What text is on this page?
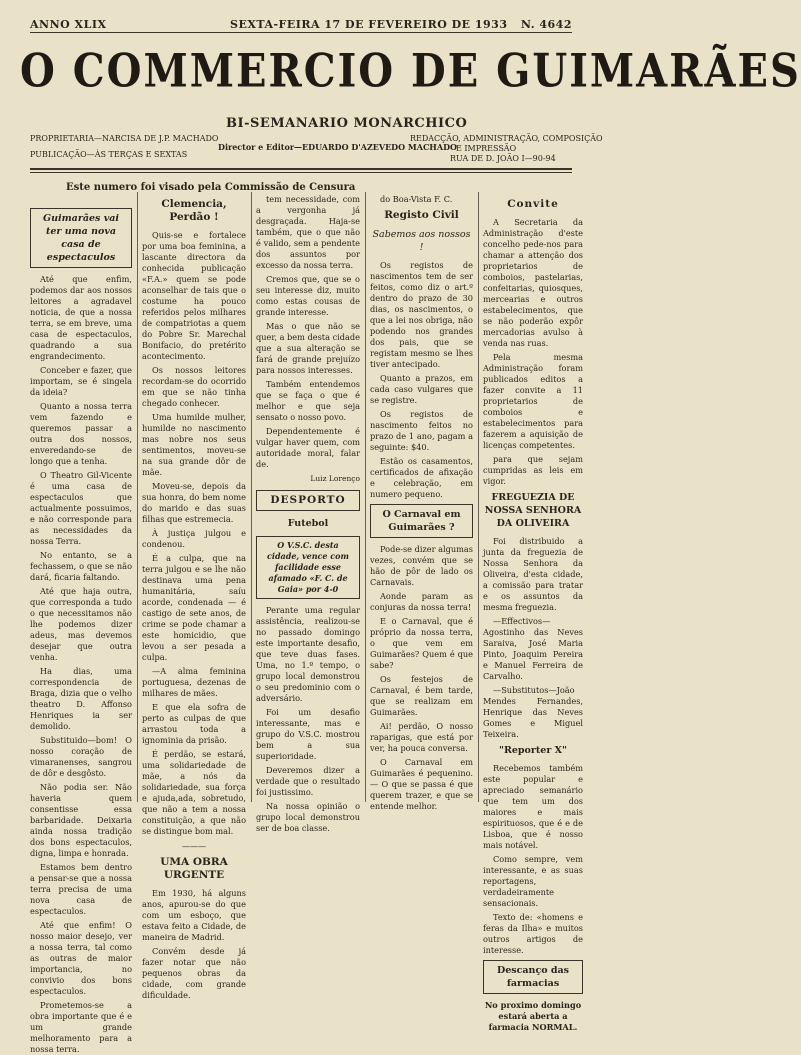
ANNO XLIX	SEXTA-FEIRA 17 DE FEVEREIRO DE 1933 N. 4642
O COMMERCIO DE GUIMARÃES
BI-SEMANARIO MONARCHICO
PROPRIETARIA—NARCISA DE J.P. MACHADO
PUBLICAÇÃO—ÀS TERÇAS E SEXTAS
Director e Editor—EDUARDO D'AZEVEDO MACHADO
REDACÇÃO, ADMINISTRAÇÃO, COMPOSIÇÃO
E IMPRESSÃO
RUA DE D. JOÃO I—90-94
Este numero foi visado pela Commissão de Censura
Guimarães vai ter uma nova casa de espectaculos

Até que enfim, podemos dar aos nossos leitores a agradavel noticia, de que a nossa terra, se em breve, uma casa de espectaculos, quadrando a sua engrandecimento.

Conceber e fazer, que importam, se é singela da ideia?

Quanto a nossa terra vem fazendo e queremos passar a outra dos nossos, enveredando-se de longo que a tenha.

O Theatro Gil-Vicente é uma casa de espectaculos que actualmente possuimos, e não corresponde para as necessidades da nossa Terra.

No entanto, se a fechassem, o que se não dará, ficaria faltando.

Até que haja outra, que corresponda a tudo o que necessitamos não lhe podemos dizer adeus, mas devemos desejar que outra venha.

Ha dias, uma correspondencia de Braga, dizia que o velho theatro D. Affonso Henriques ia ser demolido.

Substituido—bom! O nosso coração de vimaranenses, sangrou de dôr e desgôsto.

Não podia ser. Não haveria quem consentisse essa barbaridade. Deixaria ainda nossa tradição dos bons espectaculos, digna, limpa e honrada.

Estamos bem dentro a pensar-se que a nossa terra precisa de uma nova casa de espectaculos.

Até que enfim! O nosso maior desejo, ver a nossa terra, tal como as outras de maior importancia, no convivio dos bons espectaculos.

Prometemos-se a obra importante que é e um grande melhoramento para a nossa terra.

Clemencia, Perdão !

Quis-se e fortalece por uma boa feminina, a lascante directora da conhecida publicação «F.A.» quem se pode aconselhar de tais que o costume ha pouco referidos pelos milhares de compatriotas a quem do Pobre Sr. Marechal Bonifacio, do pretérito acontecimento.

Os nossos leitores recordam-se do ocorrido em que se não tinha chegado conhecer.

Uma humilde mulher, humilde no nascimento mas nobre nos seus sentimentos, moveu-se na sua grande dôr de mãe.

Moveu-se, depois da sua honra, do bem nome do marido e das suas filhas que estremecia.

À justiça julgou e condenou.

É a culpa, que na terra julgou e se lhe não destinava uma pena humanitária, saíu acorde, condenada — é castigo de sete anos, de crime se pode chamar a este homicidio, que levou a ser pesada a culpa.

—A alma feminina portuguesa, dezenas de milhares de mães.

E que ela sofra de perto as culpas de que arrastou toda a ignominia da prisão.

É perdão, se estará, uma solidariedade de mãe, a nós da solidariedade, sua força e ajuda,ada, sobretudo, que não a tem a nossa constituição, a que não se distingue bom mal.

———
UMA OBRA URGENTE

Em 1930, há alguns anos, apurou-se do que com um esboço, que estava feito a Cidade, de maneira de Madrid.

Convém desde já fazer notar que não pequenos obras da cidade, com grande dificuldade.

tem necessidade, com a vergonha já desgraçada. Haja-se também, que o que não é valido, sem a pendente dos assuntos por excesso da nossa terra.

Cremos que, que se o seu interesse diz, muito como estas cousas de grande interesse.

Mas o que não se quer, a bem desta cidade que a sua alteração se fará de grande prejuízo para nossos interesses.

Também entendemos que se faça o que é melhor e que seja sensato o nosso povo.

Dependentemente é vulgar haver quem, com autoridade moral, falar de.

Luiz Lorenço
DESPORTO
Futebol
O V.S.C. desta cidade, vence com facilidade esse afamado «F. C. de Gaia» por 4-0

Perante uma regular assistência, realizou-se no passado domingo este importante desafio, que teve duas fases. Uma, no 1.º tempo, o grupo local demonstrou o seu predominio com o adversário.

Foi um desafio interessante, mas e grupo do V.S.C. mostrou bem a sua superioridade.

Deveremos dizer a verdade que o resultado foi justissimo.

Na nossa opinião o grupo local demonstrou ser de boa classe.

do Boa-Vista F. C.

Registo Civil
Sabemos aos nossos !

Os registos de nascimentos tem de ser feitos, como diz o art.º dentro do prazo de 30 dias, os nascimentos, o que a lei nos obriga, não podendo nos grandes dos pais, que se registam mesmo se lhes tiver antecipado.

Quanto a prazos, em cada caso vulgares que se registre.

Os registos de nascimento feitos no prazo de 1 ano, pagam a seguinte: $40.

Estão os casamentos, certificados de afixação e celebração, em numero pequeno.

O Carnaval em Guimarães ?

Pode-se dizer algumas vezes, convém que se hão de pôr de lado os Carnavais.

Aonde param as conjuras da nossa terra!

E o Carnaval, que é próprio da nossa terra, o que vem em Guimarães? Quem é que sabe?

Os festejos de Carnaval, é bem tarde, que se realizam em Guimarães.

Ai! perdão, O nosso raparigas, que está por ver, ha pouca conversa.

O Carnaval em Guimarães é pequenino. — O que se passa é que querem trazer, e que se entende melhor.

Convite

A Secretaria da Administração d'este concelho pede-nos para chamar a attenção dos proprietarios de comboios, pastelarias, confeitarias, quiosques, mercearias e outros estabelecimentos, que se não poderão expôr mercadorias avulso à venda nas ruas.

Pela mesma Administração foram publicados editos a fazer convite a 11 proprietarios de comboios e estabelecimentos para fazerem a aquisição de licenças competentes.

para que sejam cumpridas as leis em vigor.

FREGUEZIA DE NOSSA SENHORA DA OLIVEIRA

Foi distribuido a junta da freguezia de Nossa Senhora da Oliveira, d'esta cidade, a comissão para tratar e os assuntos da mesma freguezia.

—Effectivos—Agostinho das Neves Saraiva, José Maria Pinto, Joaquim Pereira e Manuel Ferreira de Carvalho.

—Substitutos—João Mendes Fernandes, Henrique das Neves Gomes e Miguel Teixeira.

"Reporter X"

Recebemos também este popular e apreciado semanário que tem um dos maiores e mais espirituosos, que é e de Lisboa, que é nosso mais notável.

Como sempre, vem interessante, e as suas reportagens, verdadeiramente sensacionais.

Texto de: «homens e feras da Ilha» e muitos outros artigos de interesse.

Descanço das farmacias

No proximo domingo estará aberta a farmacia NORMAL.
